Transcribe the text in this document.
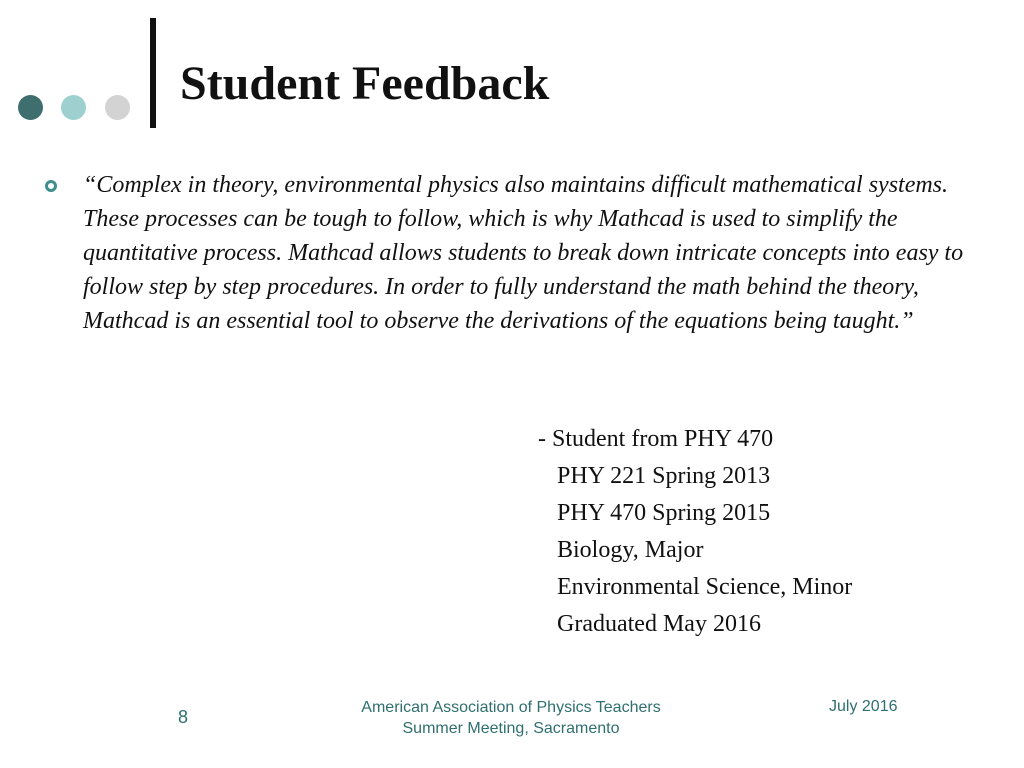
Student Feedback

“Complex in theory, environmental physics also maintains difficult mathematical systems. These processes can be tough to follow, which is why Mathcad is used to simplify the quantitative process. Mathcad allows students to break down intricate concepts into easy to follow step by step procedures. In order to fully understand the math behind the theory, Mathcad is an essential tool to observe the derivations of the equations being taught.”

- Student from PHY 470
PHY 221 Spring 2013
PHY 470 Spring 2015
Biology, Major
Environmental Science, Minor
Graduated May 2016
8	American Association of Physics Teachers
Summer Meeting, Sacramento
July 2016
